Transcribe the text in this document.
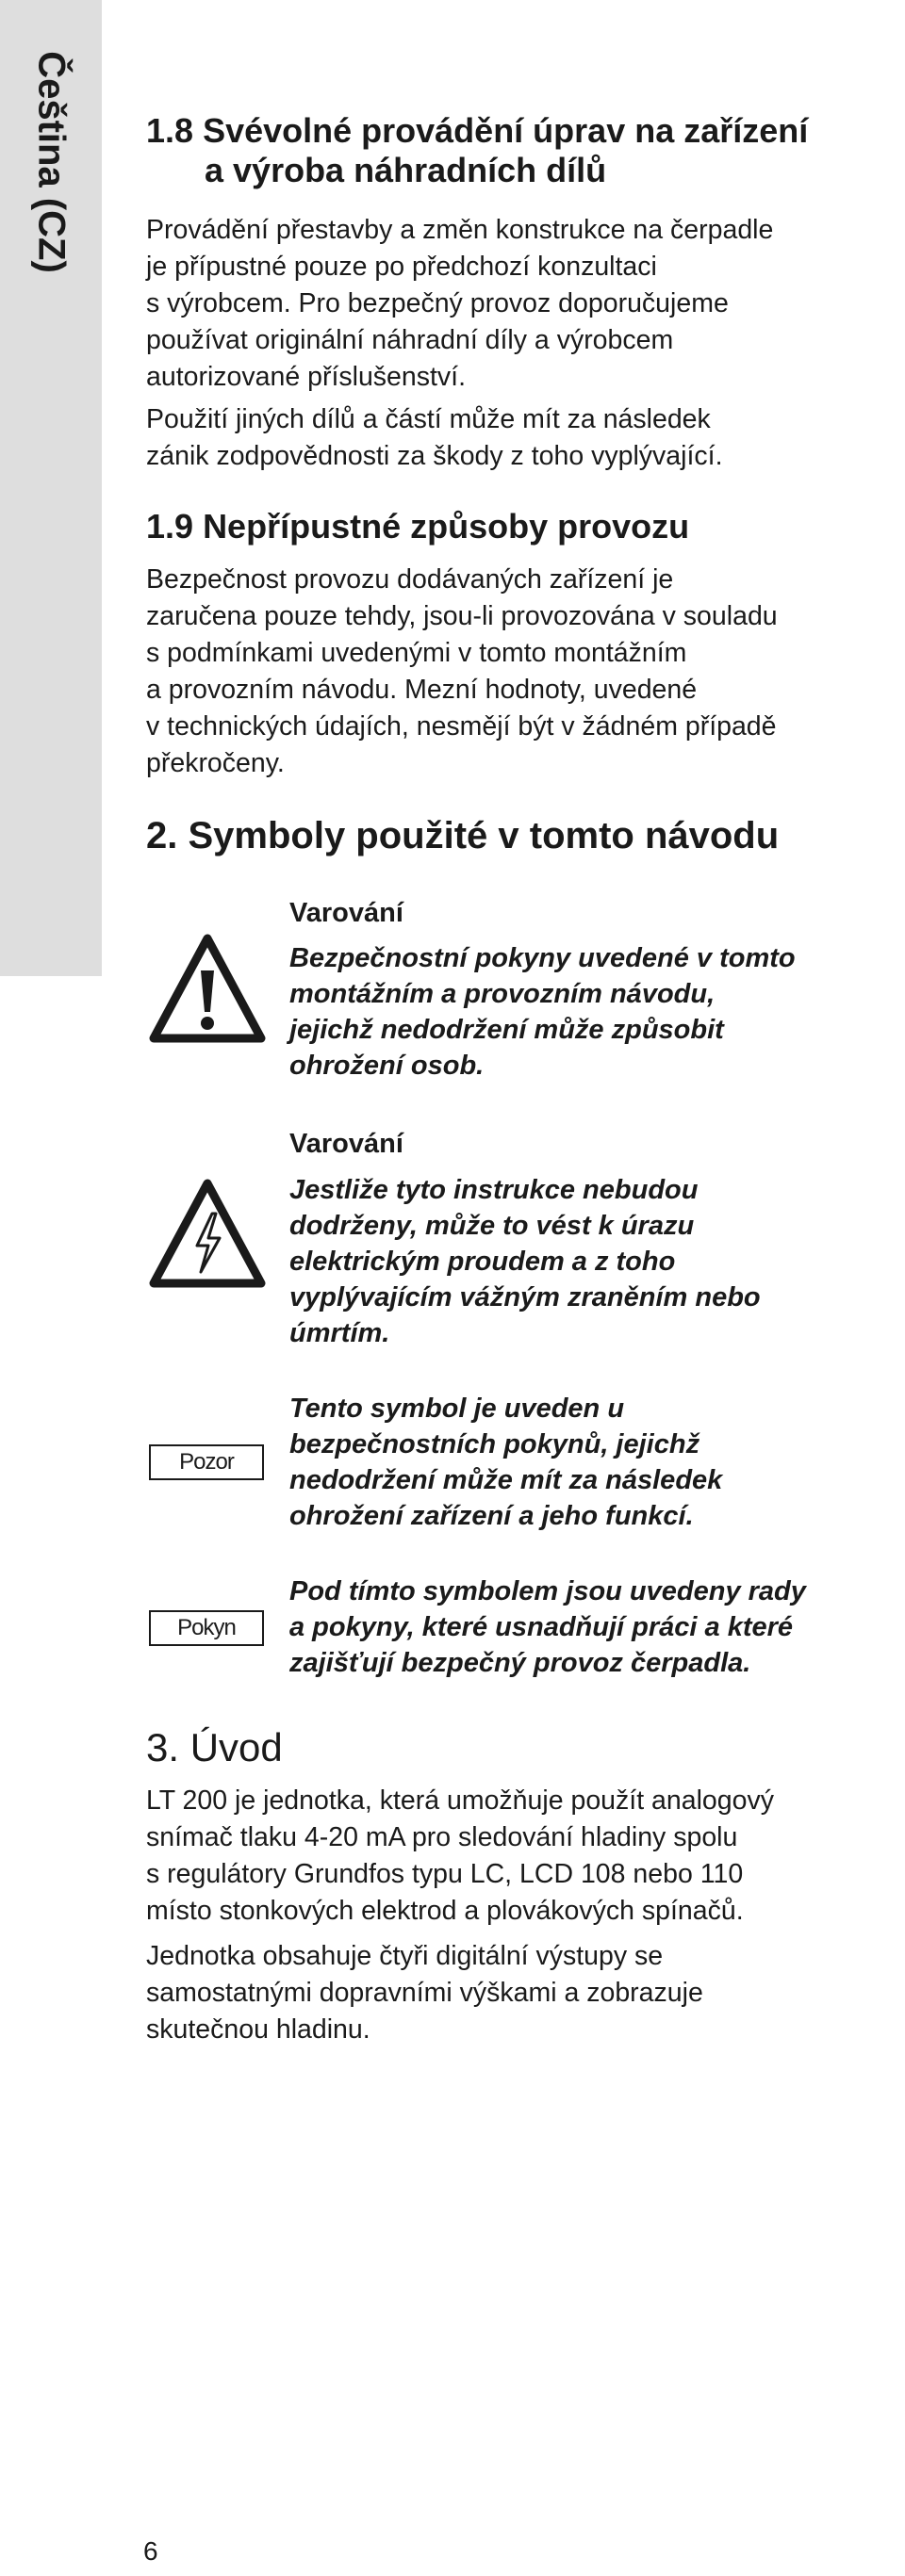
Čeština (CZ) 1.8 Svévolné provádění úprav na zařízení
a výroba náhradních dílů

Provádění přestavby a změn konstrukce na čerpadle
je přípustné pouze po předchozí konzultaci
s výrobcem. Pro bezpečný provoz doporučujeme
používat originální náhradní díly a výrobcem
autorizované příslušenství.

Použití jiných dílů a částí může mít za následek
zánik zodpovědnosti za škody z toho vyplývající.

1.9 Nepřípustné způsoby provozu

Bezpečnost provozu dodávaných zařízení je
zaručena pouze tehdy, jsou-li provozována v souladu
s podmínkami uvedenými v tomto montážním
a provozním návodu. Mezní hodnoty, uvedené
v technických údajích, nesmějí být v žádném případě
překročeny.

2. Symboly použité v tomto návodu

Varování

Bezpečnostní pokyny uvedené v tomto
montážním a provozním návodu,
jejichž nedodržení může způsobit
ohrožení osob.

Varování

Jestliže tyto instrukce nebudou
dodrženy, může to vést k úrazu
elektrickým proudem a z toho
vyplývajícím vážným zraněním nebo
úmrtím.

Pozor

Tento symbol je uveden u
bezpečnostních pokynů, jejichž
nedodržení může mít za následek
ohrožení zařízení a jeho funkcí.

Pokyn

Pod tímto symbolem jsou uvedeny rady
a pokyny, které usnadňují práci a které
zajišťují bezpečný provoz čerpadla.

3. Úvod

LT 200 je jednotka, která umožňuje použít analogový
snímač tlaku 4-20 mA pro sledování hladiny spolu
s regulátory Grundfos typu LC, LCD 108 nebo 110
místo stonkových elektrod a plovákových spínačů.

Jednotka obsahuje čtyři digitální výstupy se
samostatnými dopravními výškami a zobrazuje
skutečnou hladinu.

6
